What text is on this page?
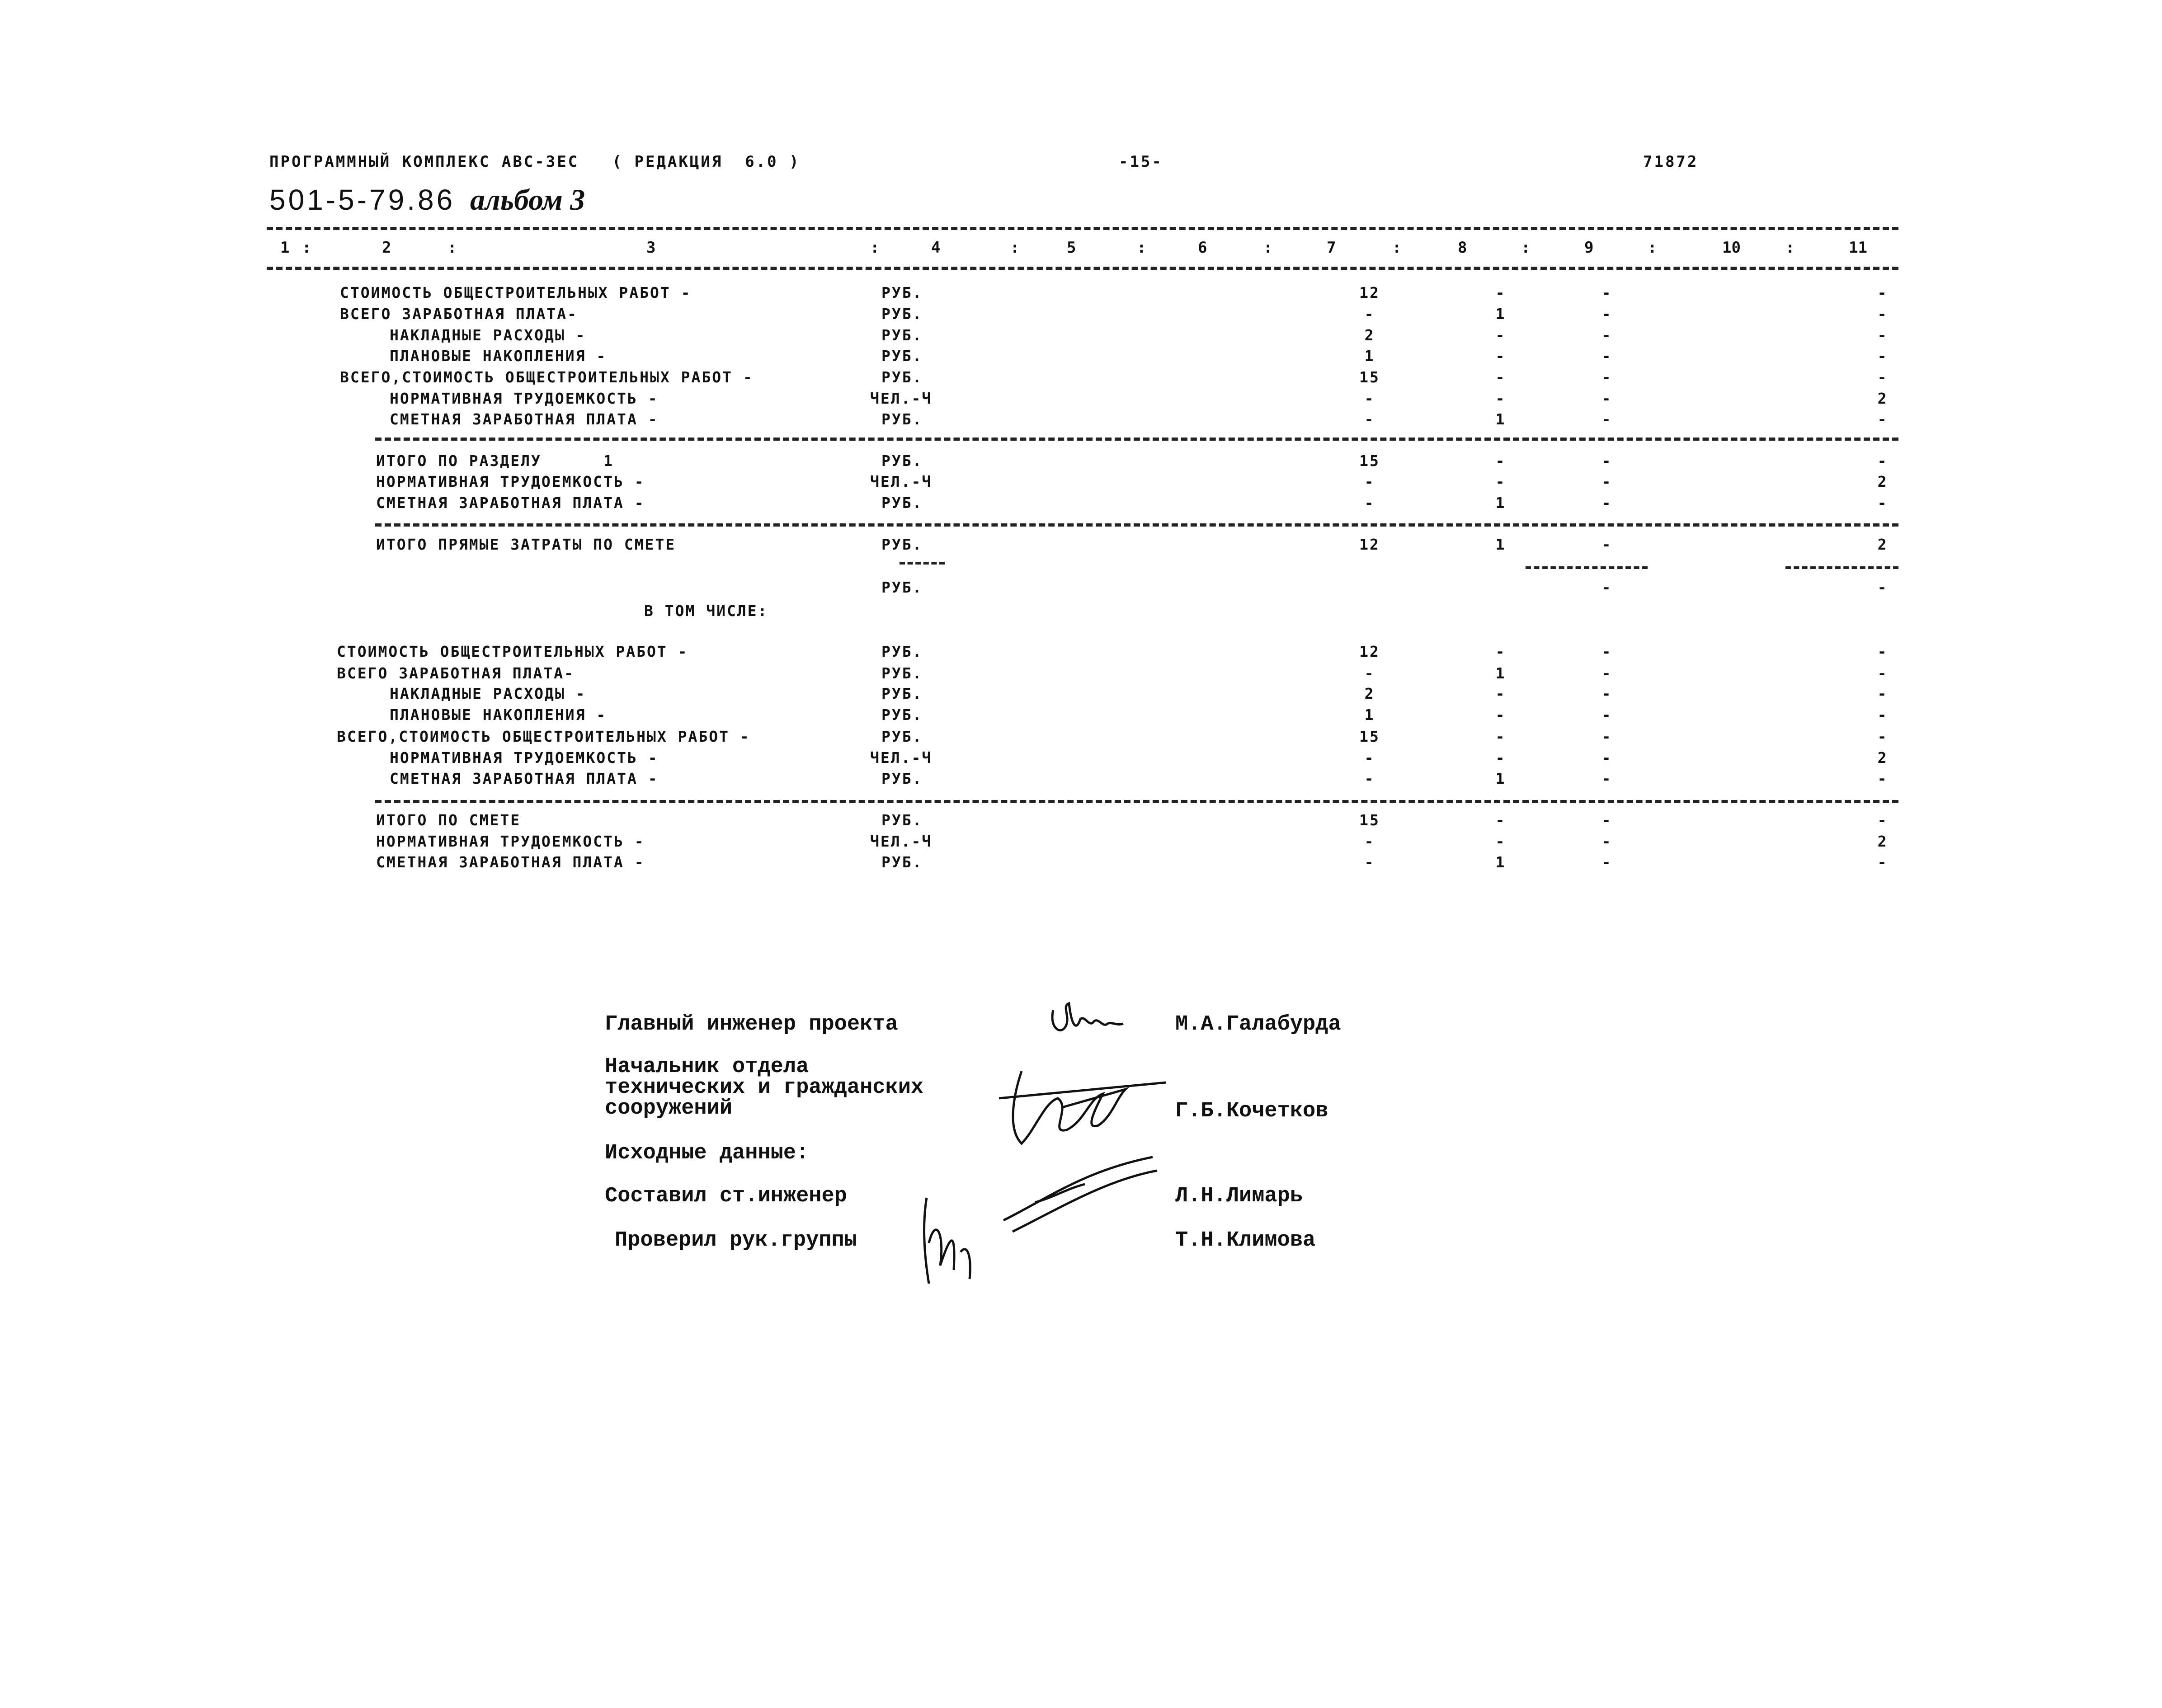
ПРОГРАММНЫЙ КОМПЛЕКС АВС-3ЕС   ( РЕДАКЦИЯ  6.0 )	-15-	71872
501-5-79.86 альбом 3
1	2	3	4	5	6	7	8	9	10	11
:	:	:	:	:	:	:	:	:	:
СТОИМОСТЬ ОБЩЕСТРОИТЕЛЬНЫХ РАБОТ -	РУБ.	12	-	-	-
ВСЕГО ЗАРАБОТНАЯ ПЛАТА-	РУБ.	-	1	-	-
НАКЛАДНЫЕ РАСХОДЫ -	РУБ.	2	-	-	-
ПЛАНОВЫЕ НАКОПЛЕНИЯ -	РУБ.	1	-	-	-
ВСЕГО,СТОИМОСТЬ ОБЩЕСТРОИТЕЛЬНЫХ РАБОТ -	РУБ.	15	-	-	-
НОРМАТИВНАЯ ТРУДОЕМКОСТЬ -	ЧЕЛ.-Ч	-	-	-	2
СМЕТНАЯ ЗАРАБОТНАЯ ПЛАТА -	РУБ.	-	1	-	-
ИТОГО ПО РАЗДЕЛУ      1	РУБ.	15	-	-	-
НОРМАТИВНАЯ ТРУДОЕМКОСТЬ -	ЧЕЛ.-Ч	-	-	-	2
СМЕТНАЯ ЗАРАБОТНАЯ ПЛАТА -	РУБ.	-	1	-	-
ИТОГО ПРЯМЫЕ ЗАТРАТЫ ПО СМЕТЕ	РУБ.	12	1	-	2
РУБ.	-	-
СТОИМОСТЬ ОБЩЕСТРОИТЕЛЬНЫХ РАБОТ -	РУБ.	12	-	-	-
ВСЕГО ЗАРАБОТНАЯ ПЛАТА-	РУБ.	-	1	-	-
НАКЛАДНЫЕ РАСХОДЫ -	РУБ.	2	-	-	-
ПЛАНОВЫЕ НАКОПЛЕНИЯ -	РУБ.	1	-	-	-
ВСЕГО,СТОИМОСТЬ ОБЩЕСТРОИТЕЛЬНЫХ РАБОТ -	РУБ.	15	-	-	-
НОРМАТИВНАЯ ТРУДОЕМКОСТЬ -	ЧЕЛ.-Ч	-	-	-	2
СМЕТНАЯ ЗАРАБОТНАЯ ПЛАТА -	РУБ.	-	1	-	-
ИТОГО ПО СМЕТЕ	РУБ.	15	-	-	-
НОРМАТИВНАЯ ТРУДОЕМКОСТЬ -	ЧЕЛ.-Ч	-	-	-	2
СМЕТНАЯ ЗАРАБОТНАЯ ПЛАТА -	РУБ.	-	1	-	-
В ТОМ ЧИСЛЕ:
Главный инженер проекта	М.А.Галабурда
Начальник отдела
технических и гражданских
сооружений	Г.Б.Кочетков
Исходные данные:
Составил ст.инженер	Л.Н.Лимарь
Проверил рук.группы	Т.Н.Климова
